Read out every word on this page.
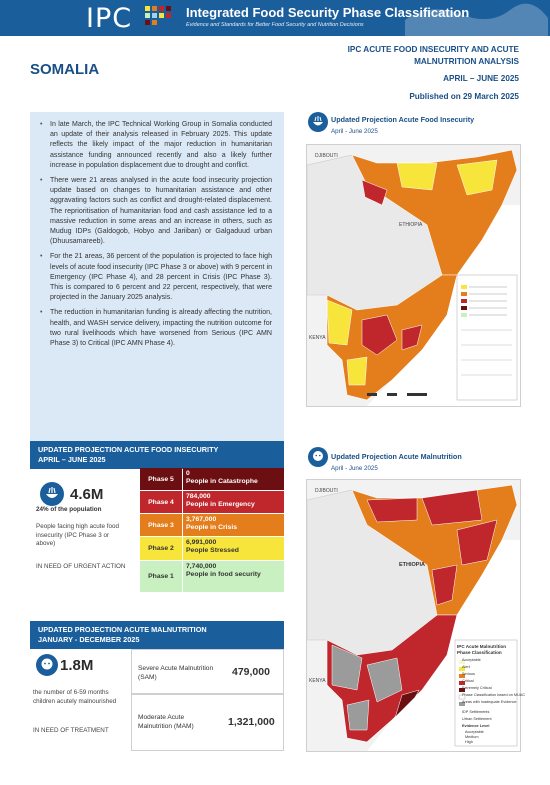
IPC	Integrated Food Security Phase Classification
Evidence and Standards for Better Food Security and Nutrition Decisions
SOMALIA
IPC ACUTE FOOD INSECURITY AND ACUTE MALNUTRITION ANALYSIS
APRIL – JUNE 2025
Published on 29 March 2025
• In late March, the IPC Technical Working Group in Somalia conducted an update of their analysis released in February 2025. This update reflects the likely impact of the major reduction in humanitarian assistance funding announced recently and also a likely further increase in population displacement due to drought and conflict.
• There were 21 areas analysed in the acute food insecurity projection update based on changes to humanitarian assistance and other aggravating factors such as conflict and drought-related displacement. The reprioritisation of humanitarian food and cash assistance led to a massive reduction in some areas and an increase in others, such as Mudug IDPs (Galdogob, Hobyo and Jariiban) or Galgaduud urban (Dhuusamareeb).
• For the 21 areas, 36 percent of the population is projected to face high levels of acute food insecurity (IPC Phase 3 or above) with 9 percent in Emergency (IPC Phase 4), and 28 percent in Crisis (IPC Phase 3). This is compared to 6 percent and 22 percent, respectively, that were projected in the January 2025 analysis.
• The reduction in humanitarian funding is already affecting the nutrition, health, and WASH service delivery, impacting the nutrition outcome for two rural livelihoods which have worsened from Serious (IPC AMN Phase 3) to Critical (IPC AMN Phase 4).
Updated Projection Acute Food Insecurity
April - June 2025
DJIBOUTI
ETHIOPIA
KENYA
UPDATED PROJECTION ACUTE FOOD INSECURITY
APRIL – JUNE 2025
4.6M
24% of the population
People facing high acute food insecurity (IPC Phase 3 or above)
IN NEED OF URGENT ACTION
Phase 5
0
People in Catastrophe
Phase 4
784,000
People in Emergency
Phase 3
3,767,000
People in Crisis
Phase 2
6,991,000
People Stressed
Phase 1
7,740,000
People in food security
Updated Projection Acute Malnutrition
April - June 2025
DJIBOUTI
ETHIOPIA
KENYA
IPC Acute Malnutrition Phase Classification
Acceptable
Alert
Serious
Critical
Extremely Critical
Phase Classification based on MUAC
Areas with Inadequate Evidence
IDP Settlements
Urban Settlement
Evidence Level
Acceptable
Medium
High
UPDATED PROJECTION ACUTE MALNUTRITION
JANUARY - DECEMBER 2025
1.8M
the number of 6-59 months children acutely malnourished
IN NEED OF TREATMENT
Severe Acute Malnutrition (SAM)	479,000
Moderate Acute Malnutrition (MAM)	1,321,000
